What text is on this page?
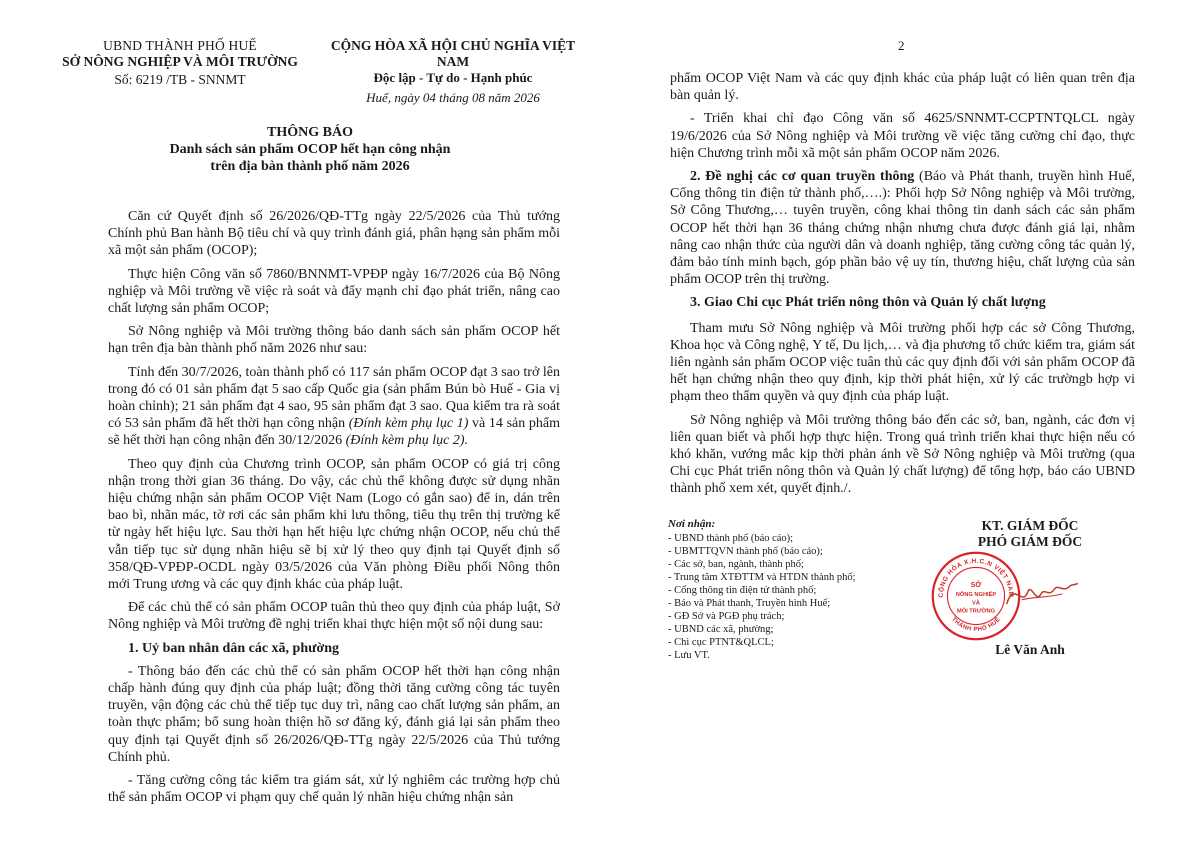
UBND THÀNH PHỐ HUẾ
SỞ NÔNG NGHIỆP VÀ MÔI TRƯỜNG
Số: 6219 /TB - SNNMT
CỘNG HÒA XÃ HỘI CHỦ NGHĨA VIỆT NAM
Độc lập - Tự do - Hạnh phúc
Huế, ngày 04 tháng 08 năm 2026
THÔNG BÁO
Danh sách sản phẩm OCOP hết hạn công nhận
trên địa bàn thành phố năm 2026

Căn cứ Quyết định số 26/2026/QĐ-TTg ngày 22/5/2026 của Thủ tướng Chính phủ Ban hành Bộ tiêu chí và quy trình đánh giá, phân hạng sản phẩm mỗi xã một sản phẩm (OCOP);

Thực hiện Công văn số 7860/BNNMT-VPĐP ngày 16/7/2026 của Bộ Nông nghiệp và Môi trường về việc rà soát và đẩy mạnh chỉ đạo phát triển, nâng cao chất lượng sản phẩm OCOP;

Sở Nông nghiệp và Môi trường thông báo danh sách sản phẩm OCOP hết hạn trên địa bàn thành phố năm 2026 như sau:

Tính đến 30/7/2026, toàn thành phố có 117 sản phẩm OCOP đạt 3 sao trở lên trong đó có 01 sản phẩm đạt 5 sao cấp Quốc gia (sản phẩm Bún bò Huế - Gia vị hoàn chỉnh); 21 sản phẩm đạt 4 sao, 95 sản phẩm đạt 3 sao. Qua kiểm tra rà soát có 53 sản phẩm đã hết thời hạn công nhận (Đính kèm phụ lục 1) và 14 sản phẩm sẽ hết thời hạn công nhận đến 30/12/2026 (Đính kèm phụ lục 2).

Theo quy định của Chương trình OCOP, sản phẩm OCOP có giá trị công nhận trong thời gian 36 tháng. Do vậy, các chủ thể không được sử dụng nhãn hiệu chứng nhận sản phẩm OCOP Việt Nam (Logo có gắn sao) để in, dán trên bao bì, nhãn mác, tờ rơi các sản phẩm khi lưu thông, tiêu thụ trên thị trường kể từ ngày hết hiệu lực. Sau thời hạn hết hiệu lực chứng nhận OCOP, nếu chủ thể vẫn tiếp tục sử dụng nhãn hiệu sẽ bị xử lý theo quy định tại Quyết định số 358/QĐ-VPĐP-OCDL ngày 03/5/2026 của Văn phòng Điều phối Nông thôn mới Trung ương và các quy định khác của pháp luật.

Để các chủ thể có sản phẩm OCOP tuân thủ theo quy định của pháp luật, Sở Nông nghiệp và Môi trường đề nghị triển khai thực hiện một số nội dung sau:

1. Uỷ ban nhân dân các xã, phường

- Thông báo đến các chủ thể có sản phẩm OCOP hết thời hạn công nhận chấp hành đúng quy định của pháp luật; đồng thời tăng cường công tác tuyên truyền, vận động các chủ thể tiếp tục duy trì, nâng cao chất lượng sản phẩm, an toàn thực phẩm; bổ sung hoàn thiện hồ sơ đăng ký, đánh giá lại sản phẩm theo quy định tại Quyết định số 26/2026/QĐ-TTg ngày 22/5/2026 của Thủ tướng Chính phủ.

- Tăng cường công tác kiểm tra giám sát, xử lý nghiêm các trường hợp chủ thể sản phẩm OCOP vi phạm quy chế quản lý nhãn hiệu chứng nhận sản

2

phẩm OCOP Việt Nam và các quy định khác của pháp luật có liên quan trên địa bàn quản lý.

- Triển khai chỉ đạo Công văn số 4625/SNNMT-CCPTNTQLCL ngày 19/6/2026 của Sở Nông nghiệp và Môi trường về việc tăng cường chỉ đạo, thực hiện Chương trình mỗi xã một sản phẩm OCOP năm 2026.

2. Đề nghị các cơ quan truyền thông (Báo và Phát thanh, truyền hình Huế, Cổng thông tin điện tử thành phố,….): Phối hợp Sở Nông nghiệp và Môi trường, Sở Công Thương,… tuyên truyền, công khai thông tin danh sách các sản phẩm OCOP hết thời hạn 36 tháng chứng nhận nhưng chưa được đánh giá lại, nhằm nâng cao nhận thức của người dân và doanh nghiệp, tăng cường công tác quản lý, đảm bảo tính minh bạch, góp phần bảo vệ uy tín, thương hiệu, chất lượng của sản phẩm OCOP trên thị trường.

3. Giao Chi cục Phát triển nông thôn và Quản lý chất lượng

Tham mưu Sở Nông nghiệp và Môi trường phối hợp các sở Công Thương, Khoa học và Công nghệ, Y tế, Du lịch,… và địa phương tổ chức kiểm tra, giám sát liên ngành sản phẩm OCOP việc tuân thủ các quy định đối với sản phẩm OCOP đã hết hạn chứng nhận theo quy định, kịp thời phát hiện, xử lý các trườngb hợp vi phạm theo thẩm quyền và quy định của pháp luật.

Sở Nông nghiệp và Môi trường thông báo đến các sở, ban, ngành, các đơn vị liên quan biết và phối hợp thực hiện. Trong quá trình triển khai thực hiện nếu có khó khăn, vướng mắc kịp thời phản ánh về Sở Nông nghiệp và Môi trường (qua Chi cục Phát triển nông thôn và Quản lý chất lượng) để tổng hợp, báo cáo UBND thành phố xem xét, quyết định./.

Nơi nhận:
- UBND thành phố (báo cáo);
- UBMTTQVN thành phố (báo cáo);
- Các sở, ban, ngành, thành phố;
- Trung tâm XTĐTTM và HTDN thành phố;
- Cổng thông tin điện tử thành phố;
- Báo và Phát thanh, Truyền hình Huế;
- GĐ Sở và PGĐ phụ trách;
- UBND các xã, phường;
- Chi cục PTNT&QLCL;
- Lưu VT.
KT. GIÁM ĐỐC
PHÓ GIÁM ĐỐC
Lê Văn Anh
CỘNG HÒA X.H.C.N VIỆT NAM
THÀNH PHỐ HUẾ
SỞ
NÔNG NGHIỆP
VÀ
MÔI TRƯỜNG
